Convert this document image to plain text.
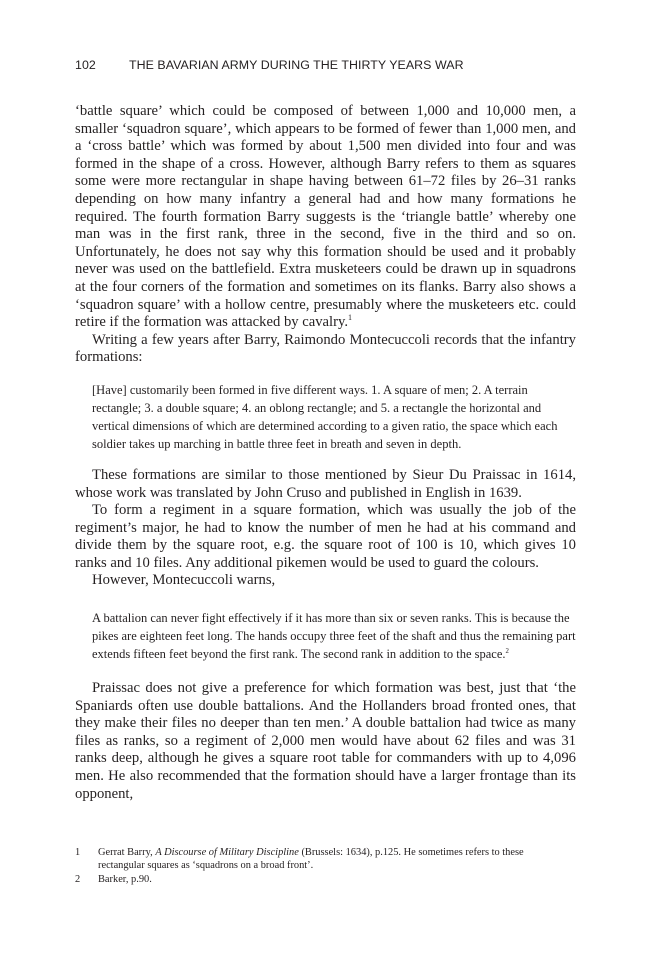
102	THE BAVARIAN ARMY DURING THE THIRTY YEARS WAR

‘battle square’ which could be composed of between 1,000 and 10,000 men, a smaller ‘squadron square’, which appears to be formed of fewer than 1,000 men, and a ‘cross battle’ which was formed by about 1,500 men divided into four and was formed in the shape of a cross. However, although Barry refers to them as squares some were more rectangular in shape having between 61–72 files by 26–31 ranks depending on how many infantry a general had and how many formations he required. The fourth formation Barry suggests is the ‘triangle battle’ whereby one man was in the first rank, three in the second, five in the third and so on. Unfortunately, he does not say why this formation should be used and it probably never was used on the battlefield. Extra musketeers could be drawn up in squadrons at the four corners of the formation and sometimes on its flanks. Barry also shows a ‘squadron square’ with a hollow centre, presumably where the musketeers etc. could retire if the formation was attacked by cavalry.$^1$

Writing a few years after Barry, Raimondo Montecuccoli records that the infantry formations:

[Have] customarily been formed in five different ways. 1. A square of men; 2. A terrain rectangle; 3. a double square; 4. an oblong rectangle; and 5. a rectangle the horizontal and vertical dimensions of which are determined according to a given ratio, the space which each soldier takes up marching in battle three feet in breath and seven in depth.

These formations are similar to those mentioned by Sieur Du Praissac in 1614, whose work was translated by John Cruso and published in English in 1639.

To form a regiment in a square formation, which was usually the job of the regiment’s major, he had to know the number of men he had at his command and divide them by the square root, e.g. the square root of 100 is 10, which gives 10 ranks and 10 files. Any additional pikemen would be used to guard the colours.

However, Montecuccoli warns,

A battalion can never fight effectively if it has more than six or seven ranks. This is because the pikes are eighteen feet long. The hands occupy three feet of the shaft and thus the remaining part extends fifteen feet beyond the first rank. The second rank in addition to the space.$^2$

Praissac does not give a preference for which formation was best, just that ‘the Spaniards often use double battalions. And the Hollanders broad fronted ones, that they make their files no deeper than ten men.’ A double battalion had twice as many files as ranks, so a regiment of 2,000 men would have about 62 files and was 31 ranks deep, although he gives a square root table for commanders with up to 4,096 men. He also recommended that the formation should have a larger frontage than its opponent,

1	Gerrat Barry, A Discourse of Military Discipline (Brussels: 1634), p.125. He sometimes refers to these rectangular squares as ‘squadrons on a broad front’.
2	Barker, p.90.
